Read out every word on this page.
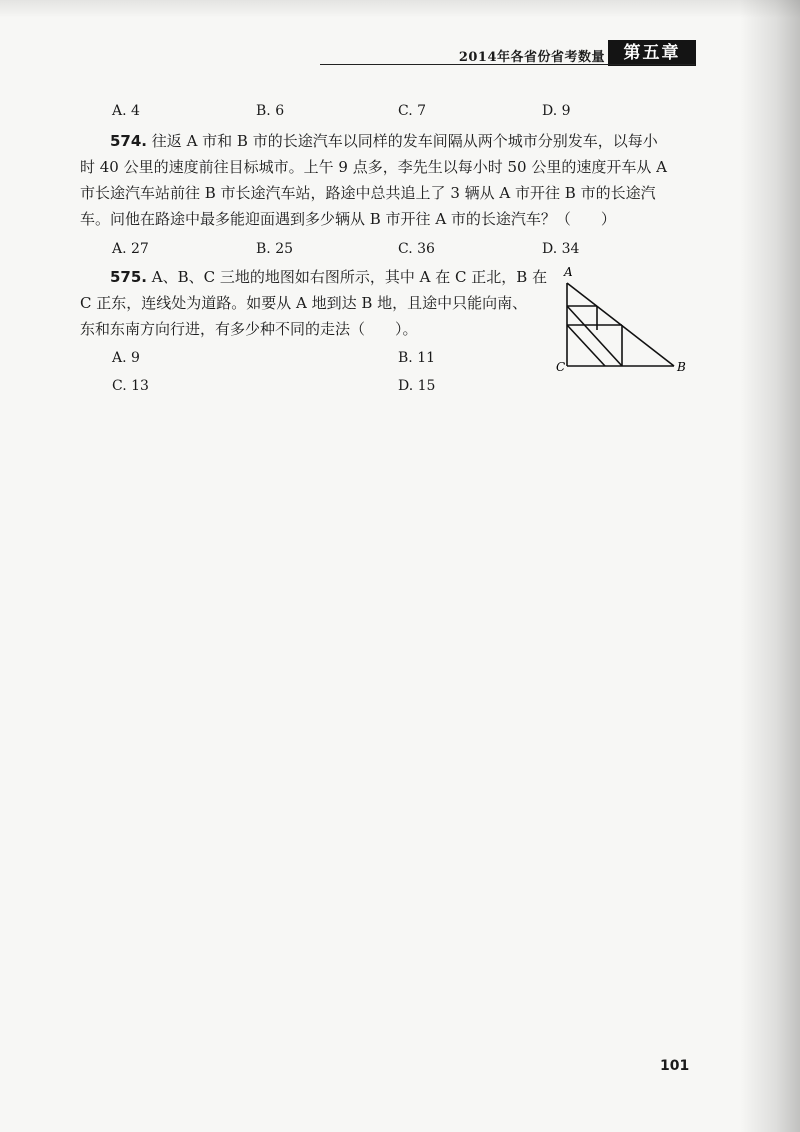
2014年各省份省考数量	第五章
A. 4	B. 6	C. 7	D. 9
574. 往返 A 市和 B 市的长途汽车以同样的发车间隔从两个城市分别发车，以每小
时 40 公里的速度前往目标城市。上午 9 点多，李先生以每小时 50 公里的速度开车从 A
市长途汽车站前往 B 市长途汽车站，路途中总共追上了 3 辆从 A 市开往 B 市的长途汽
车。问他在路途中最多能迎面遇到多少辆从 B 市开往 A 市的长途汽车？（　　）
A. 27	B. 25	C. 36	D. 34
575. A、B、C 三地的地图如右图所示，其中 A 在 C 正北，B 在
C 正东，连线处为道路。如要从 A 地到达 B 地，且途中只能向南、
东和东南方向行进，有多少种不同的走法（　　）。
A. 9	B. 11
C. 13	D. 15
A
B
C
101
